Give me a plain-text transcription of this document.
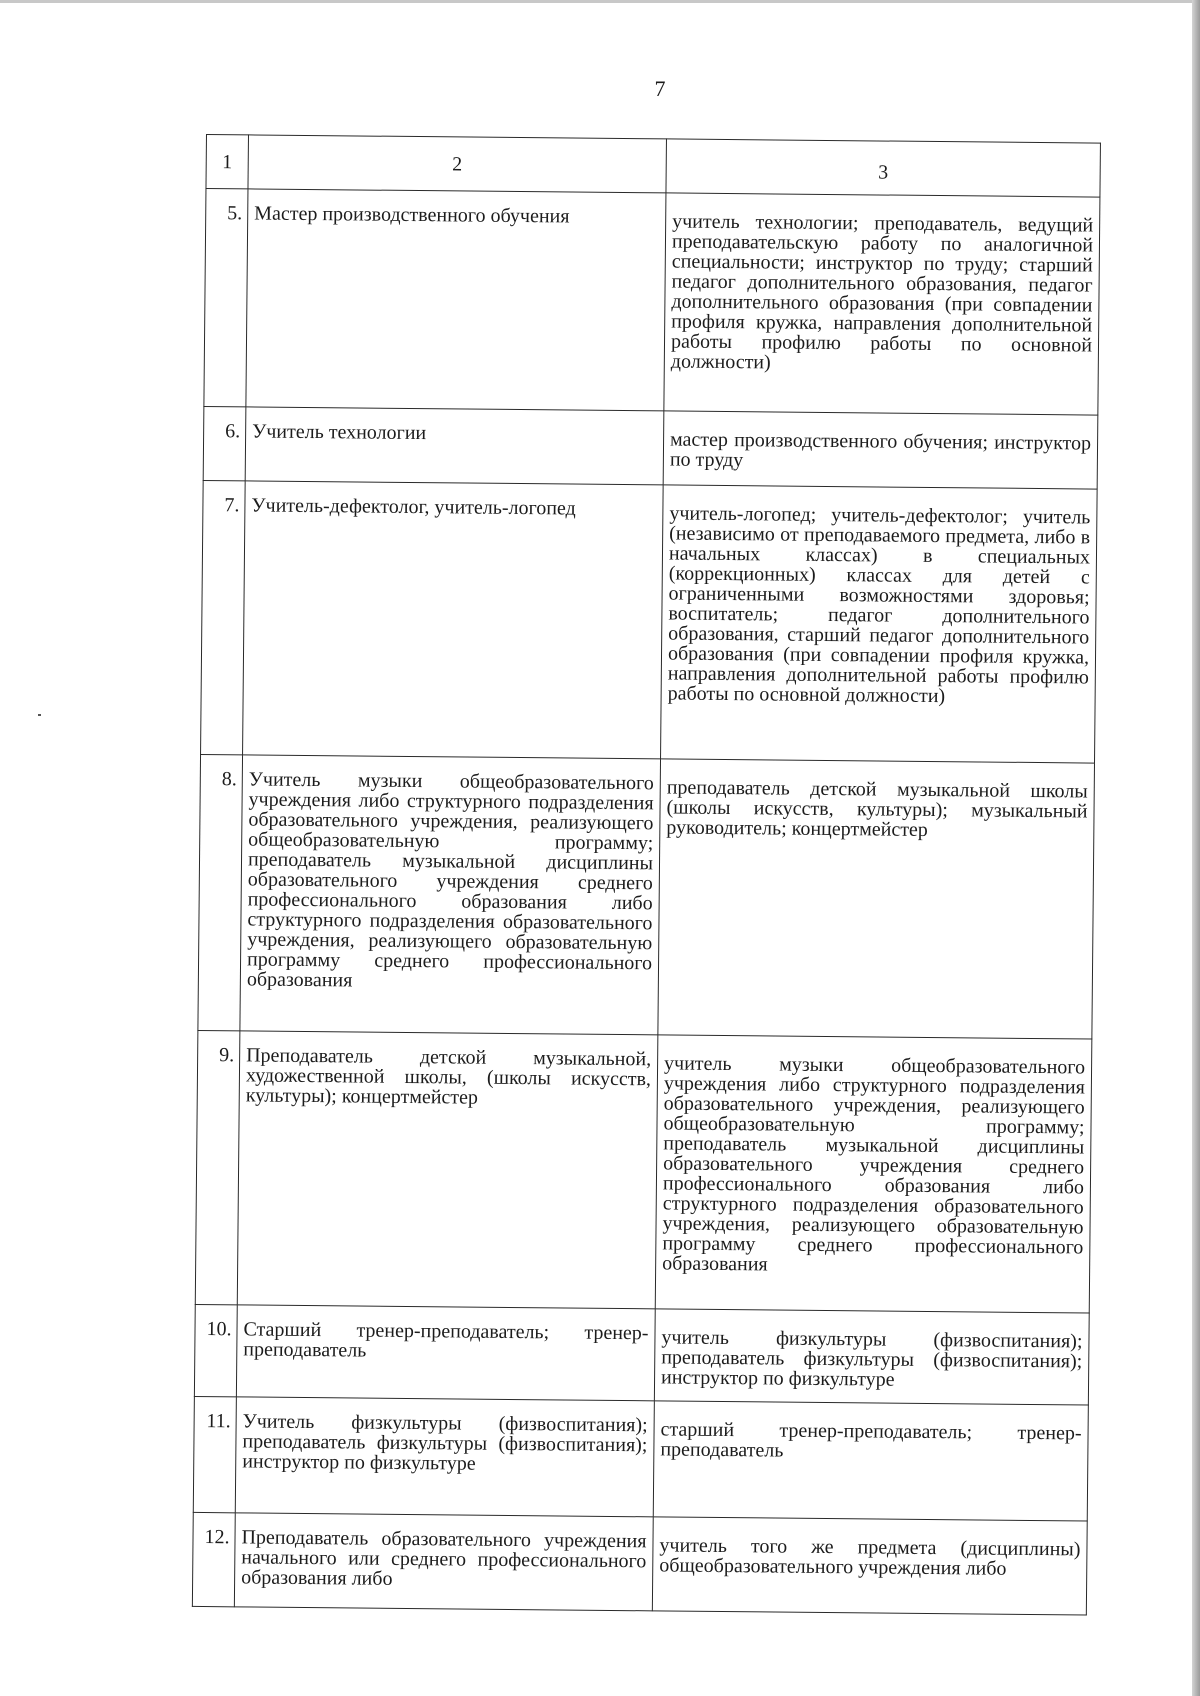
7
1	2	3
5.	Мастер производственного обучения	учитель технологии; преподаватель, ведущий преподавательскую работу по аналогичной специальности; инструктор по труду; старший педагог дополнительного образования, педагог дополнительного образования (при совпадении профиля кружка, направления дополнительной работы профилю работы по основной должности)
6.	Учитель технологии	мастер производственного обучения; инструктор по труду
7.	Учитель-дефектолог, учитель-логопед	учитель-логопед; учитель-дефектолог; учитель (независимо от преподаваемого предмета, либо в начальных классах) в специальных (коррекционных) классах для детей с ограниченными возможностями здоровья; воспитатель; педагог дополнительного образования, старший педагог дополнительного образования (при совпадении профиля кружка, направления дополнительной работы профилю работы по основной должности)
8.	Учитель музыки общеобразовательного учреждения либо структурного подразделения образовательного учреждения, реализующего общеобразовательную программу; преподаватель музыкальной дисциплины образовательного учреждения среднего профессионального образования либо структурного подразделения образовательного учреждения, реализующего образовательную программу среднего профессионального образования	преподаватель детской музыкальной школы (школы искусств, культуры); музыкальный руководитель; концертмейстер
9.	Преподаватель детской музыкальной, художественной школы, (школы искусств, культуры); концертмейстер	учитель музыки общеобразовательного учреждения либо структурного подразделения образовательного учреждения, реализующего общеобразовательную программу; преподаватель музыкальной дисциплины образовательного учреждения среднего профессионального образования либо структурного подразделения образовательного учреждения, реализующего образовательную программу среднего профессионального образования
10.	Старший тренер-преподаватель; тренер-преподаватель	учитель физкультуры (физвоспитания); преподаватель физкультуры (физвоспитания); инструктор по физкультуре
11.	Учитель физкультуры (физвоспитания); преподаватель физкультуры (физвоспитания); инструктор по физкультуре	старший тренер-преподаватель; тренер-преподаватель
12.	Преподаватель образовательного учреждения начального или среднего профессионального образования либо	учитель того же предмета (дисциплины) общеобразовательного учреждения либо
